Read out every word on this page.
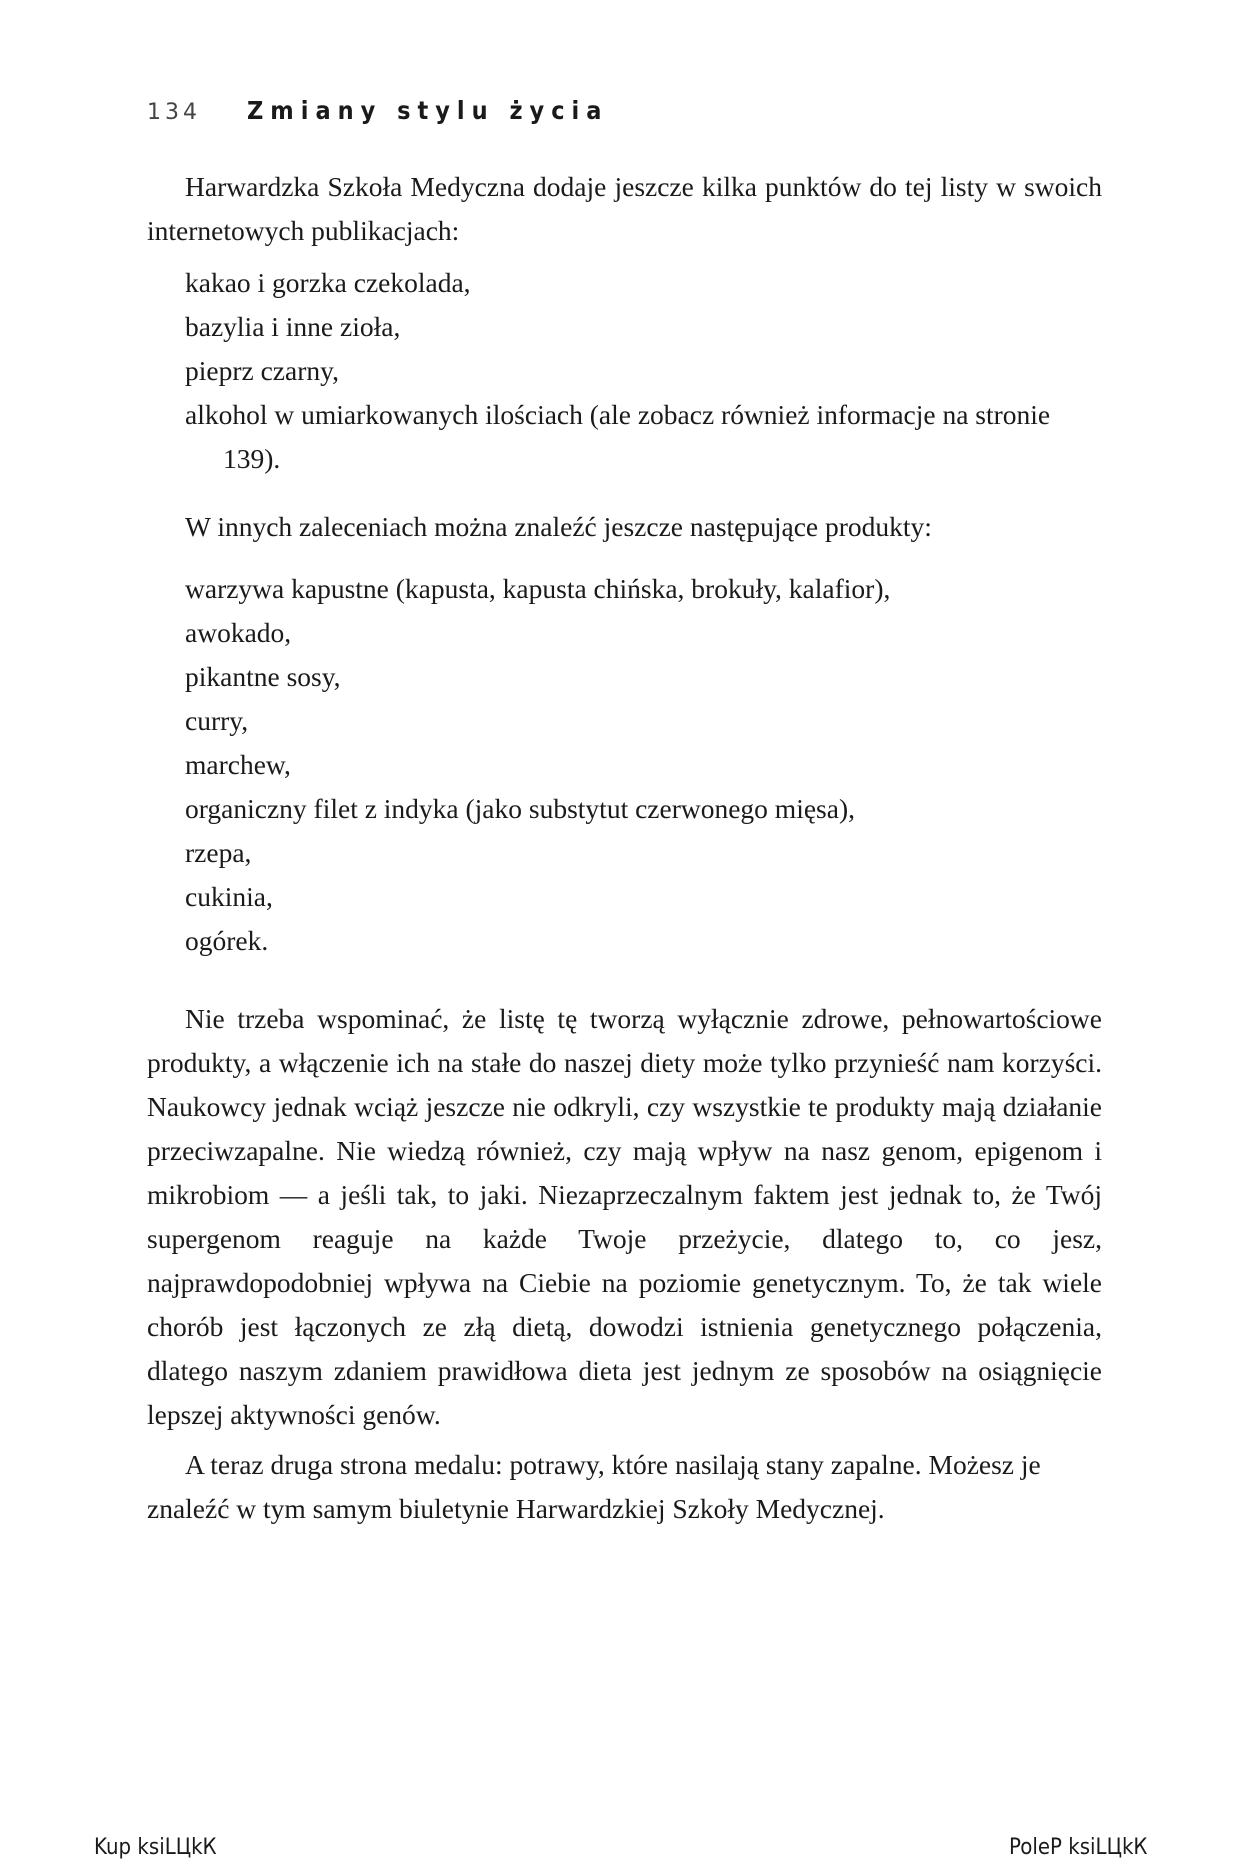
134	Zmiany stylu życia

Harwardzka Szkoła Medyczna dodaje jeszcze kilka punktów do tej listy w swoich internetowych publikacjach:

kakao i gorzka czekolada,
bazylia i inne zioła,
pieprz czarny,
alkohol w umiarkowanych ilościach (ale zobacz również informacje na stronie 139).

W innych zaleceniach można znaleźć jeszcze następujące produkty:

warzywa kapustne (kapusta, kapusta chińska, brokuły, kalafior),
awokado,
pikantne sosy,
curry,
marchew,
organiczny filet z indyka (jako substytut czerwonego mięsa),
rzepa,
cukinia,
ogórek.

Nie trzeba wspominać, że listę tę tworzą wyłącznie zdrowe, pełnowartościowe produkty, a włączenie ich na stałe do naszej diety może tylko przynieść nam korzyści. Naukowcy jednak wciąż jeszcze nie odkryli, czy wszystkie te produkty mają działanie przeciwzapalne. Nie wiedzą również, czy mają wpływ na nasz genom, epigenom i mikrobiom — a jeśli tak, to jaki. Niezaprzeczalnym faktem jest jednak to, że Twój supergenom reaguje na każde Twoje przeżycie, dlatego to, co jesz, najprawdopodobniej wpływa na Ciebie na poziomie genetycznym. To, że tak wiele chorób jest łączonych ze złą dietą, dowodzi istnienia genetycznego połączenia, dlatego naszym zdaniem prawidłowa dieta jest jednym ze sposobów na osiągnięcie lepszej aktywności genów.

A teraz druga strona medalu: potrawy, które nasilają stany zapalne. Możesz je znaleźć w tym samym biuletynie Harwardzkiej Szkoły Medycznej.

Kup ksiLЦkК	PoleP ksiLЦkК
